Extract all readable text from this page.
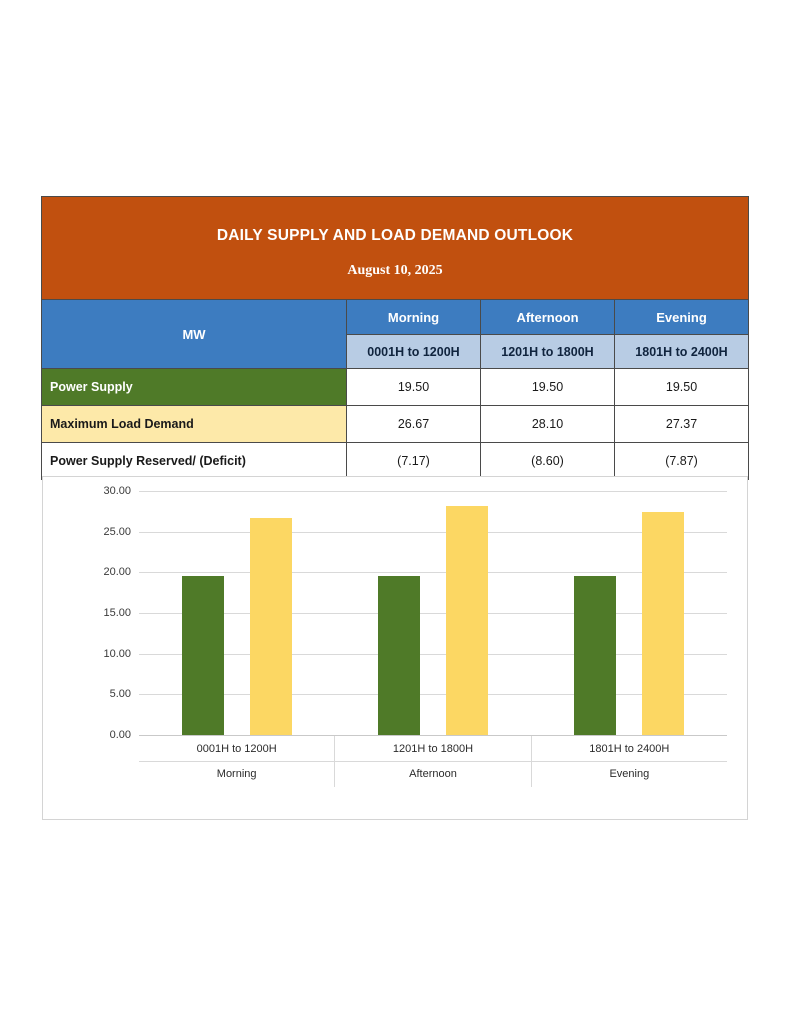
DAILY SUPPLY AND LOAD DEMAND OUTLOOK
August 10, 2025			

MW	Morning	Afternoon	Evening
	0001H to 1200H	1201H to 1800H	1801H to 2400H
Power Supply	19.50	19.50	19.50
Maximum Load Demand	26.67	28.10	27.37
Power Supply Reserved/ (Deficit)	(7.17)	(8.60)	(7.87)
0.00
5.00
10.00
15.00
20.00
25.00
30.00
0001H to 1200H	1201H to 1800H	1801H to 2400H
Morning	Afternoon	Evening
